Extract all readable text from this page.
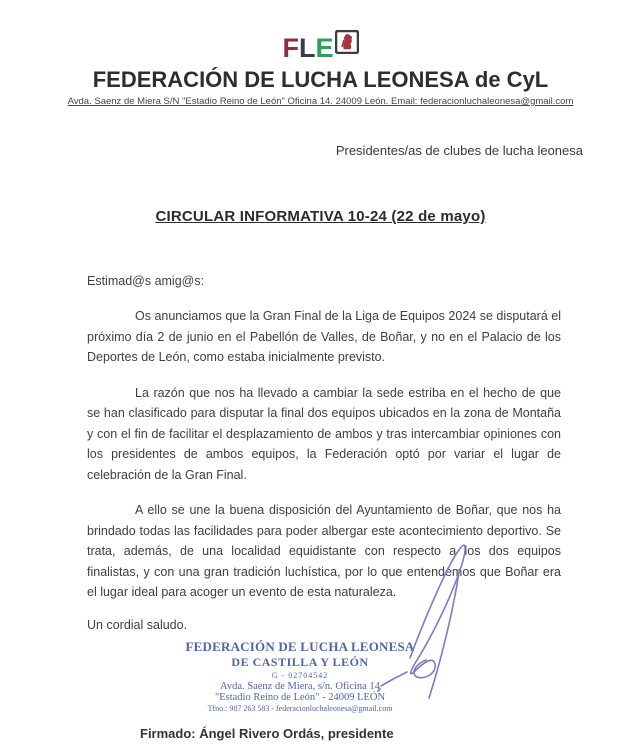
F L E
FEDERACIÓN DE LUCHA LEONESA de CyL
Avda. Saenz de Miera S/N "Estadio Reino de León" Oficina 14. 24009 León. Email: federacionluchaleonesa@gmail.com
Presidentes/as de clubes de lucha leonesa
CIRCULAR INFORMATIVA 10-24 (22 de mayo)
Estimad@s amig@s:

Os anunciamos que la Gran Final de la Liga de Equipos 2024 se disputará el próximo día 2 de junio en el Pabellón de Valles, de Boñar, y no en el Palacio de los Deportes de León, como estaba inicialmente previsto.

La razón que nos ha llevado a cambiar la sede estriba en el hecho de que se han clasificado para disputar la final dos equipos ubicados en la zona de Montaña y con el fin de facilitar el desplazamiento de ambos y tras intercambiar opiniones con los presidentes de ambos equipos, la Federación optó por variar el lugar de celebración de la Gran Final.

A ello se une la buena disposición del Ayuntamiento de Boñar, que nos ha brindado todas las facilidades para poder albergar este acontecimiento deportivo. Se trata, además, de una localidad equidistante con respecto a los dos equipos finalistas, y con una gran tradición luchística, por lo que entendemos que Boñar era el lugar ideal para acoger un evento de esta naturaleza.

Un cordial saludo.
FEDERACIÓN DE LUCHA LEONESA
DE CASTILLA Y LEÓN
G - 02704542
Avda. Saenz de Miera, s/n. Oficina 14
"Estadio Reino de León" - 24009 LEÓN
Tfno.: 987 263 583 - federacionluchaleonesa@gmail.com
Firmado: Ángel Rivero Ordás, presidente
